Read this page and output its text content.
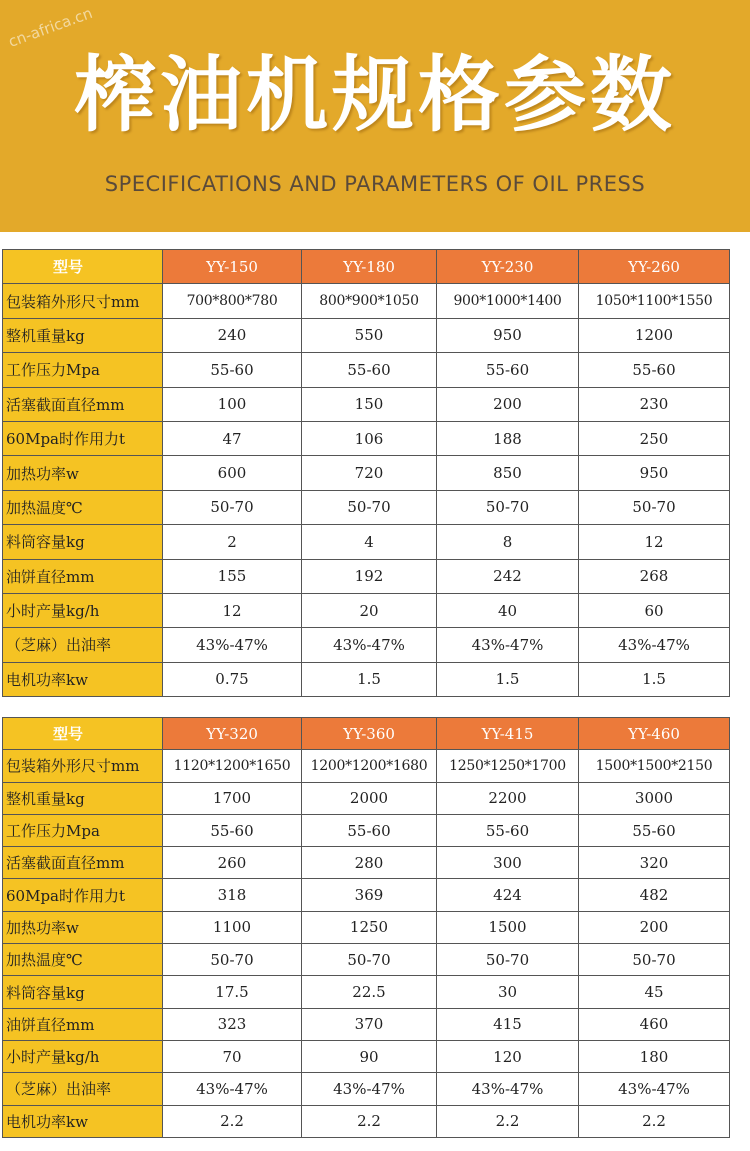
cn-africa.cn
榨油机规格参数
SPECIFICATIONS AND PARAMETERS OF OIL PRESS
型号	YY-150	YY-180	YY-230	YY-260
包装箱外形尺寸mm	700*800*780	800*900*1050	900*1000*1400	1050*1100*1550
整机重量kg	240	550	950	1200
工作压力Mpa	55-60	55-60	55-60	55-60
活塞截面直径mm	100	150	200	230
60Mpa时作用力t	47	106	188	250
加热功率w	600	720	850	950
加热温度℃	50-70	50-70	50-70	50-70
料筒容量kg	2	4	8	12
油饼直径mm	155	192	242	268
小时产量kg/h	12	20	40	60
（芝麻）出油率	43%-47%	43%-47%	43%-47%	43%-47%
电机功率kw	0.75	1.5	1.5	1.5
型号	YY-320	YY-360	YY-415	YY-460
包装箱外形尺寸mm	1120*1200*1650	1200*1200*1680	1250*1250*1700	1500*1500*2150
整机重量kg	1700	2000	2200	3000
工作压力Mpa	55-60	55-60	55-60	55-60
活塞截面直径mm	260	280	300	320
60Mpa时作用力t	318	369	424	482
加热功率w	1100	1250	1500	200
加热温度℃	50-70	50-70	50-70	50-70
料筒容量kg	17.5	22.5	30	45
油饼直径mm	323	370	415	460
小时产量kg/h	70	90	120	180
（芝麻）出油率	43%-47%	43%-47%	43%-47%	43%-47%
电机功率kw	2.2	2.2	2.2	2.2
